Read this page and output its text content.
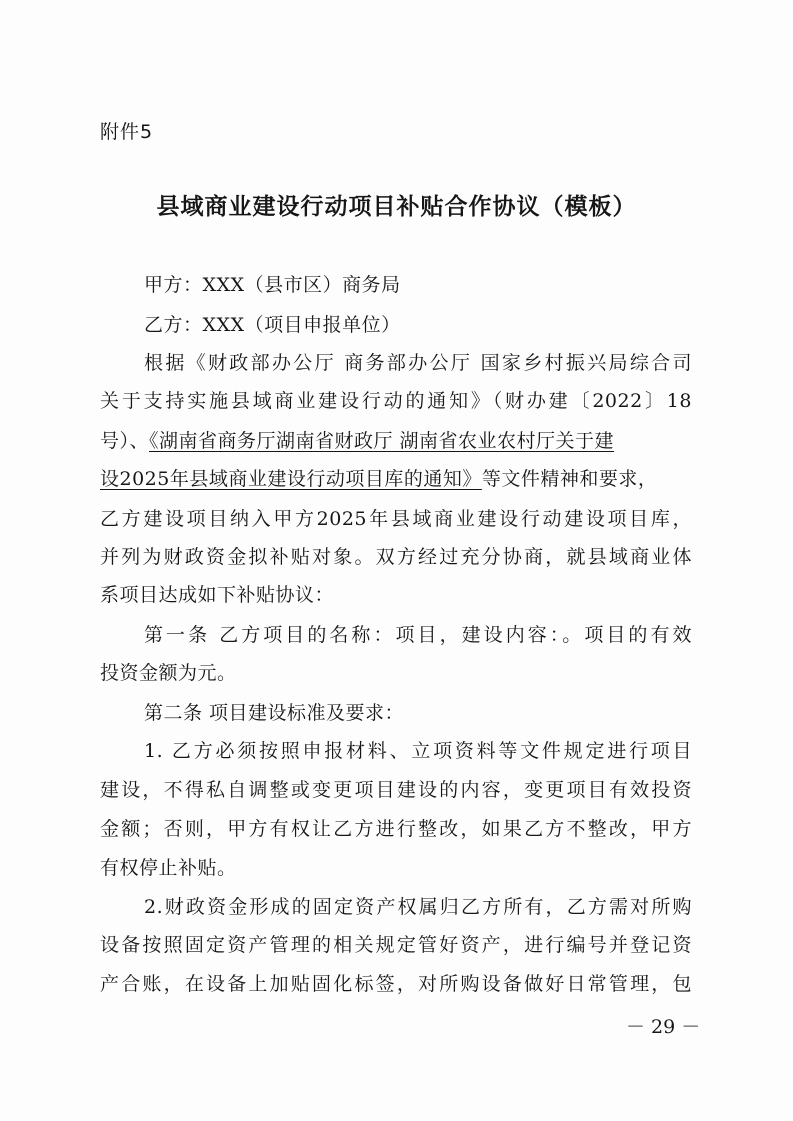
附件5
县域商业建设行动项目补贴合作协议（模板）
甲方：XXX（县市区）商务局
乙方：XXX（项目申报单位）
根据《财政部办公厅 商务部办公厅 国家乡村振兴局综合司
关于支持实施县域商业建设行动的通知》（财办建〔2022〕18
号）、《湖南省商务厅湖南省财政厅 湖南省农业农村厅关于建
设2025年县域商业建设行动项目库的通知》等文件精神和要求，
乙方建设项目纳入甲方2025年县域商业建设行动建设项目库，
并列为财政资金拟补贴对象。双方经过充分协商，就县域商业体
系项目达成如下补贴协议：
第一条 乙方项目的名称：项目，建设内容：。项目的有效
投资金额为元。
第二条 项目建设标准及要求：
1. 乙方必须按照申报材料、立项资料等文件规定进行项目
建设，不得私自调整或变更项目建设的内容，变更项目有效投资
金额；否则，甲方有权让乙方进行整改，如果乙方不整改，甲方
有权停止补贴。
2.财政资金形成的固定资产权属归乙方所有，乙方需对所购
设备按照固定资产管理的相关规定管好资产，进行编号并登记资
产合账，在设备上加贴固化标签，对所购设备做好日常管理，包
－ 29 －
